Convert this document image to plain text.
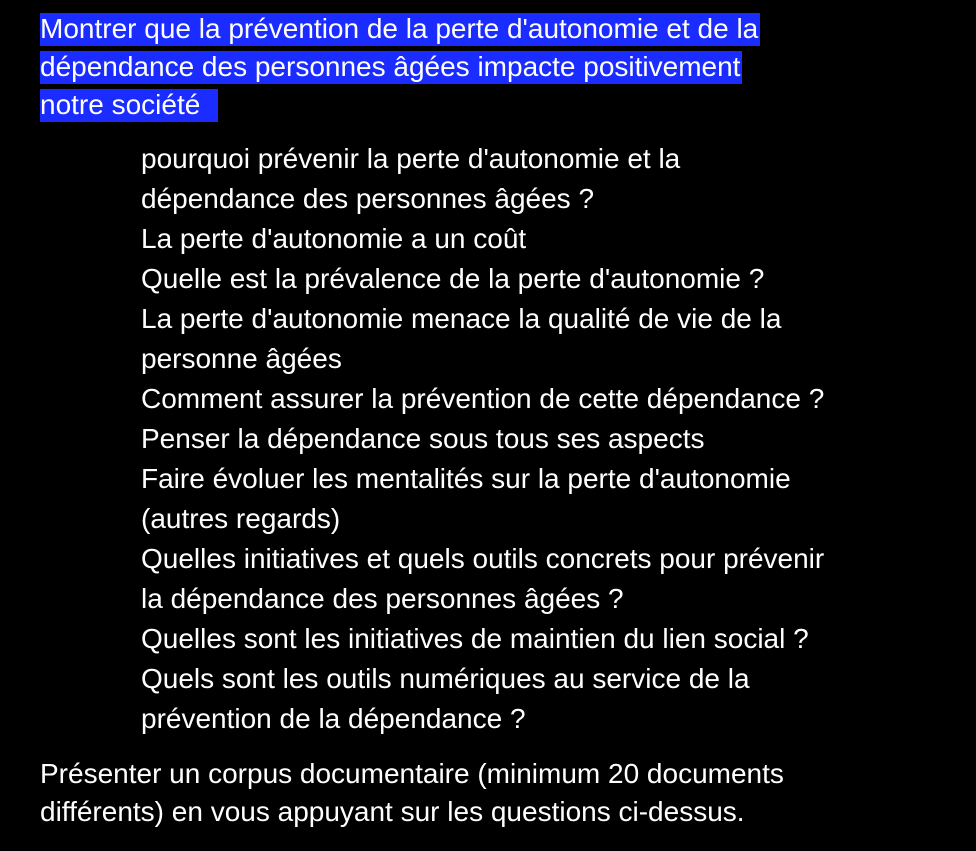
Montrer que la prévention de la perte d'autonomie et de la
dépendance des personnes âgées impacte positivement
notre société
pourquoi prévenir la perte d'autonomie et la
dépendance des personnes âgées ?
La perte d'autonomie a un coût
Quelle est la prévalence de la perte d'autonomie ?
La perte d'autonomie menace la qualité de vie de la
personne âgées
Comment assurer la prévention de cette dépendance ?
Penser la dépendance sous tous ses aspects
Faire évoluer les mentalités sur la perte d'autonomie
(autres regards)
Quelles initiatives et quels outils concrets pour prévenir
la dépendance des personnes âgées ?
Quelles sont les initiatives de maintien du lien social ?
Quels sont les outils numériques au service de la
prévention de la dépendance ?
Présenter un corpus documentaire (minimum 20 documents
différents) en vous appuyant sur les questions ci-dessus.
